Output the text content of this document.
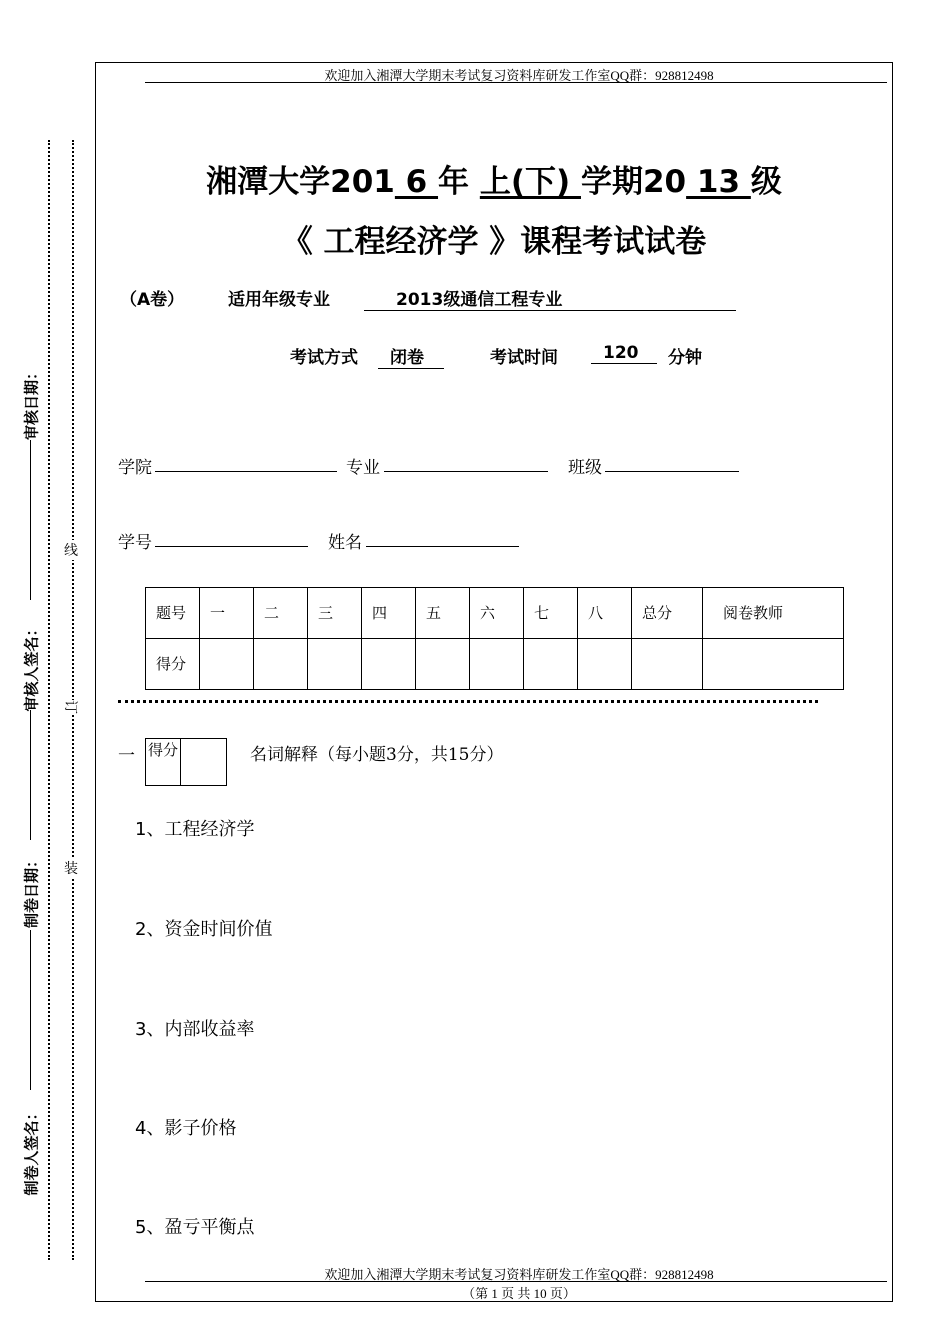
欢迎加入湘潭大学期末考试复习资料库研发工作室QQ群：928812498
审核日期：
审核人签名：
制卷日期：
制卷人签名：
线
订
装
湘潭大学201 6 年 上(下) 学期20 13 级
《 工程经济学 》课程考试试卷
（A卷）	适用年级专业	2013级通信工程专业
考试方式	闭卷	考试时间	120	分钟
学院	专业	班级
学号	姓名
题号	一	二	三	四	五	六	七	八	总分	阅卷教师
得分										
一 得分	名词解释（每小题3分，共15分）
1、工程经济学
2、资金时间价值
3、内部收益率
4、影子价格
5、盈亏平衡点
欢迎加入湘潭大学期末考试复习资料库研发工作室QQ群：928812498
（第 1 页 共 10 页）
